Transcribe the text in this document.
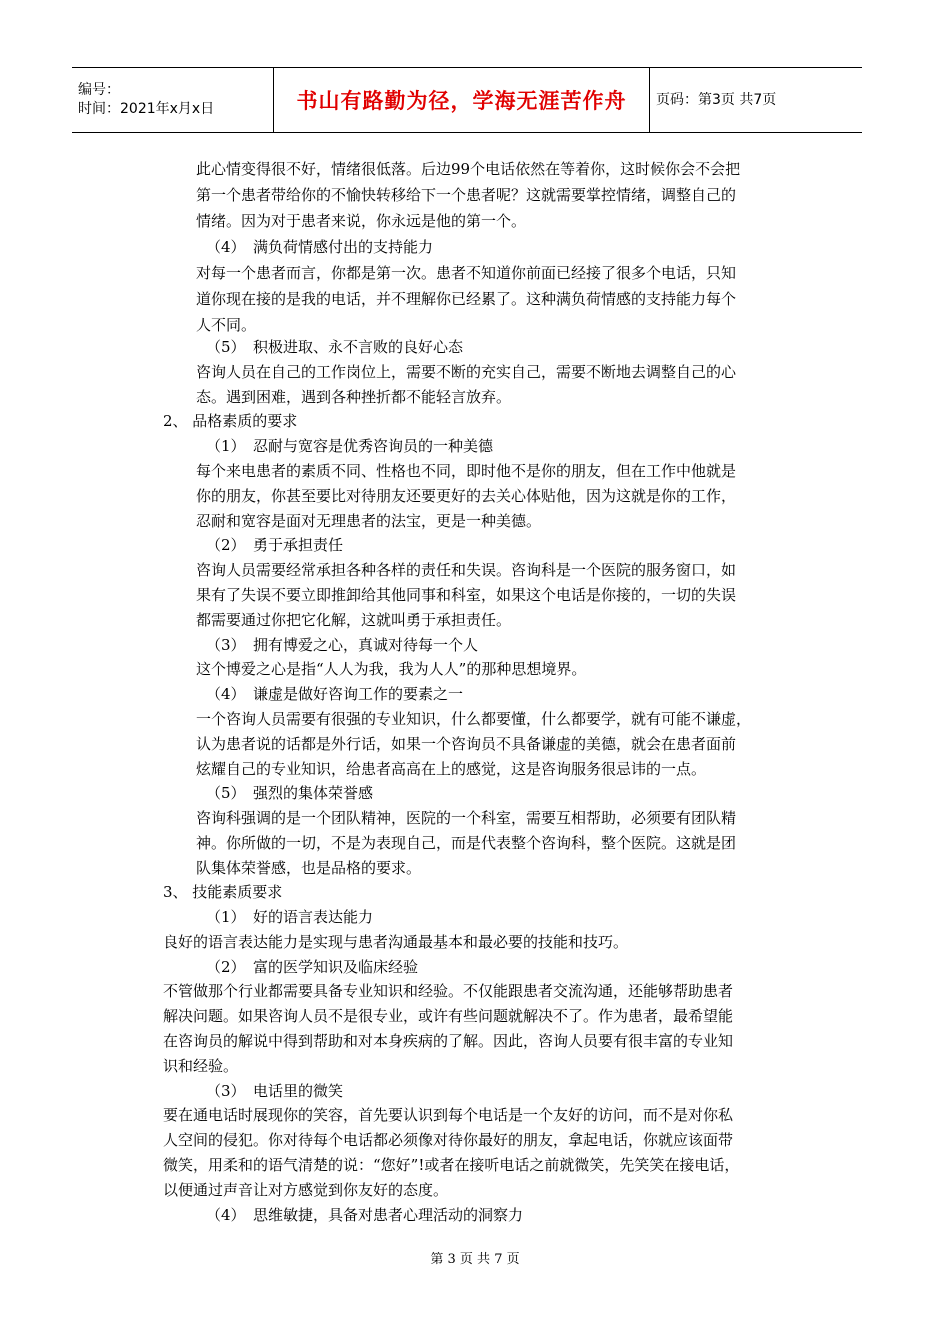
编号：
时间：2021年x月x日	书山有路勤为径，学海无涯苦作舟	页码：第3页 共7页
此心情变得很不好，情绪很低落。后边99个电话依然在等着你，这时候你会不会把
第一个患者带给你的不愉快转移给下一个患者呢？这就需要掌控情绪，调整自己的
情绪。因为对于患者来说，你永远是他的第一个。
（4）　满负荷情感付出的支持能力
对每一个患者而言，你都是第一次。患者不知道你前面已经接了很多个电话，只知
道你现在接的是我的电话，并不理解你已经累了。这种满负荷情感的支持能力每个
人不同。
（5）　积极进取、永不言败的良好心态
咨询人员在自己的工作岗位上，需要不断的充实自己，需要不断地去调整自己的心
态。遇到困难，遇到各种挫折都不能轻言放弃。
2、 品格素质的要求
（1）　忍耐与宽容是优秀咨询员的一种美德
每个来电患者的素质不同、性格也不同，即时他不是你的朋友，但在工作中他就是
你的朋友，你甚至要比对待朋友还要更好的去关心体贴他，因为这就是你的工作，
忍耐和宽容是面对无理患者的法宝，更是一种美德。
（2）　勇于承担责任
咨询人员需要经常承担各种各样的责任和失误。咨询科是一个医院的服务窗口，如
果有了失误不要立即推卸给其他同事和科室，如果这个电话是你接的，一切的失误
都需要通过你把它化解，这就叫勇于承担责任。
（3）　拥有博爱之心，真诚对待每一个人
这个博爱之心是指“人人为我，我为人人”的那种思想境界。
（4）　谦虚是做好咨询工作的要素之一
一个咨询人员需要有很强的专业知识，什么都要懂，什么都要学，就有可能不谦虚，
认为患者说的话都是外行话，如果一个咨询员不具备谦虚的美德，就会在患者面前
炫耀自己的专业知识，给患者高高在上的感觉，这是咨询服务很忌讳的一点。
（5）　强烈的集体荣誉感
咨询科强调的是一个团队精神，医院的一个科室，需要互相帮助，必须要有团队精
神。你所做的一切，不是为表现自己，而是代表整个咨询科，整个医院。这就是团
队集体荣誉感，也是品格的要求。
3、 技能素质要求
（1）　好的语言表达能力
良好的语言表达能力是实现与患者沟通最基本和最必要的技能和技巧。
（2）　富的医学知识及临床经验
不管做那个行业都需要具备专业知识和经验。不仅能跟患者交流沟通，还能够帮助患者
解决问题。如果咨询人员不是很专业，或许有些问题就解决不了。作为患者，最希望能
在咨询员的解说中得到帮助和对本身疾病的了解。因此，咨询人员要有很丰富的专业知
识和经验。
（3）　电话里的微笑
要在通电话时展现你的笑容，首先要认识到每个电话是一个友好的访问，而不是对你私
人空间的侵犯。你对待每个电话都必须像对待你最好的朋友，拿起电话，你就应该面带
微笑，用柔和的语气清楚的说：“您好”!或者在接听电话之前就微笑，先笑笑在接电话，
以便通过声音让对方感觉到你友好的态度。
（4）　思维敏捷，具备对患者心理活动的洞察力
第 3 页 共 7 页
